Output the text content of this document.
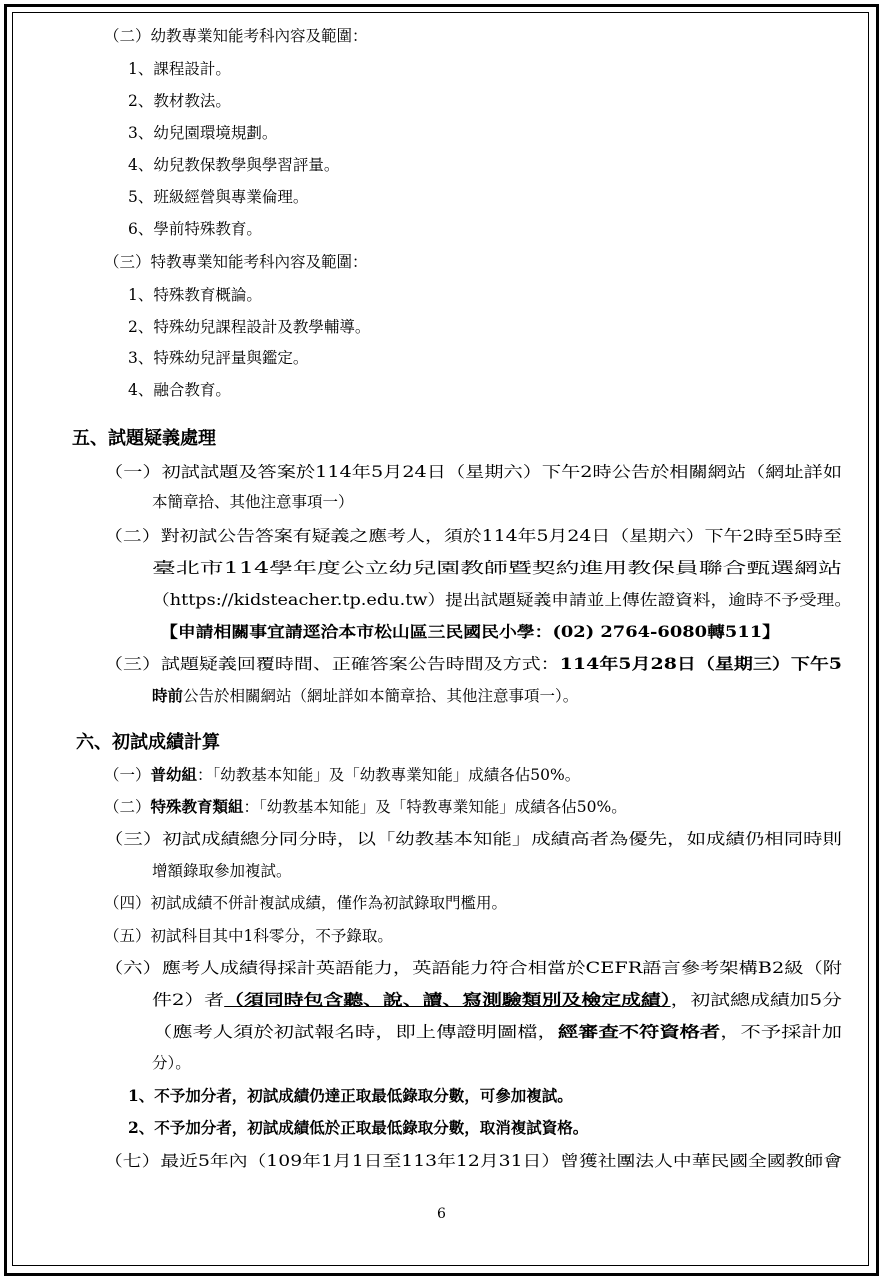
（二）幼教專業知能考科內容及範圍：
1、課程設計。
2、教材教法。
3、幼兒園環境規劃。
4、幼兒教保教學與學習評量。
5、班級經營與專業倫理。
6、學前特殊教育。
（三）特教專業知能考科內容及範圍：
1、特殊教育概論。
2、特殊幼兒課程設計及教學輔導。
3、特殊幼兒評量與鑑定。
4、融合教育。
五、試題疑義處理
（一）初試試題及答案於114年5月24日（星期六）下午2時公告於相關網站（網址詳如
本簡章拾、其他注意事項一）
（二）對初試公告答案有疑義之應考人，須於114年5月24日（星期六）下午2時至5時至
臺北市114學年度公立幼兒園教師暨契約進用教保員聯合甄選網站
（https://kidsteacher.tp.edu.tw）提出試題疑義申請並上傳佐證資料，逾時不予受理。
【申請相關事宜請逕洽本市松山區三民國民小學：(02) 2764-6080轉511】
（三）試題疑義回覆時間、正確答案公告時間及方式：114年5月28日（星期三）下午5
時前公告於相關網站（網址詳如本簡章拾、其他注意事項一）。
六、初試成績計算
（一）普幼組：「幼教基本知能」及「幼教專業知能」成績各佔50%。
（二）特殊教育類組：「幼教基本知能」及「特教專業知能」成績各佔50%。
（三）初試成績總分同分時，以「幼教基本知能」成績高者為優先，如成績仍相同時則
增額錄取參加複試。
（四）初試成績不併計複試成績，僅作為初試錄取門檻用。
（五）初試科目其中1科零分，不予錄取。
（六）應考人成績得採計英語能力，英語能力符合相當於CEFR語言參考架構B2級（附
件2）者（須同時包含聽、說、讀、寫測驗類別及檢定成績），初試總成績加5分
（應考人須於初試報名時，即上傳證明圖檔，經審查不符資格者，不予採計加
分）。
1、不予加分者，初試成績仍達正取最低錄取分數，可參加複試。
2、不予加分者，初試成績低於正取最低錄取分數，取消複試資格。
（七）最近5年內（109年1月1日至113年12月31日）曾獲社團法人中華民國全國教師會
6
